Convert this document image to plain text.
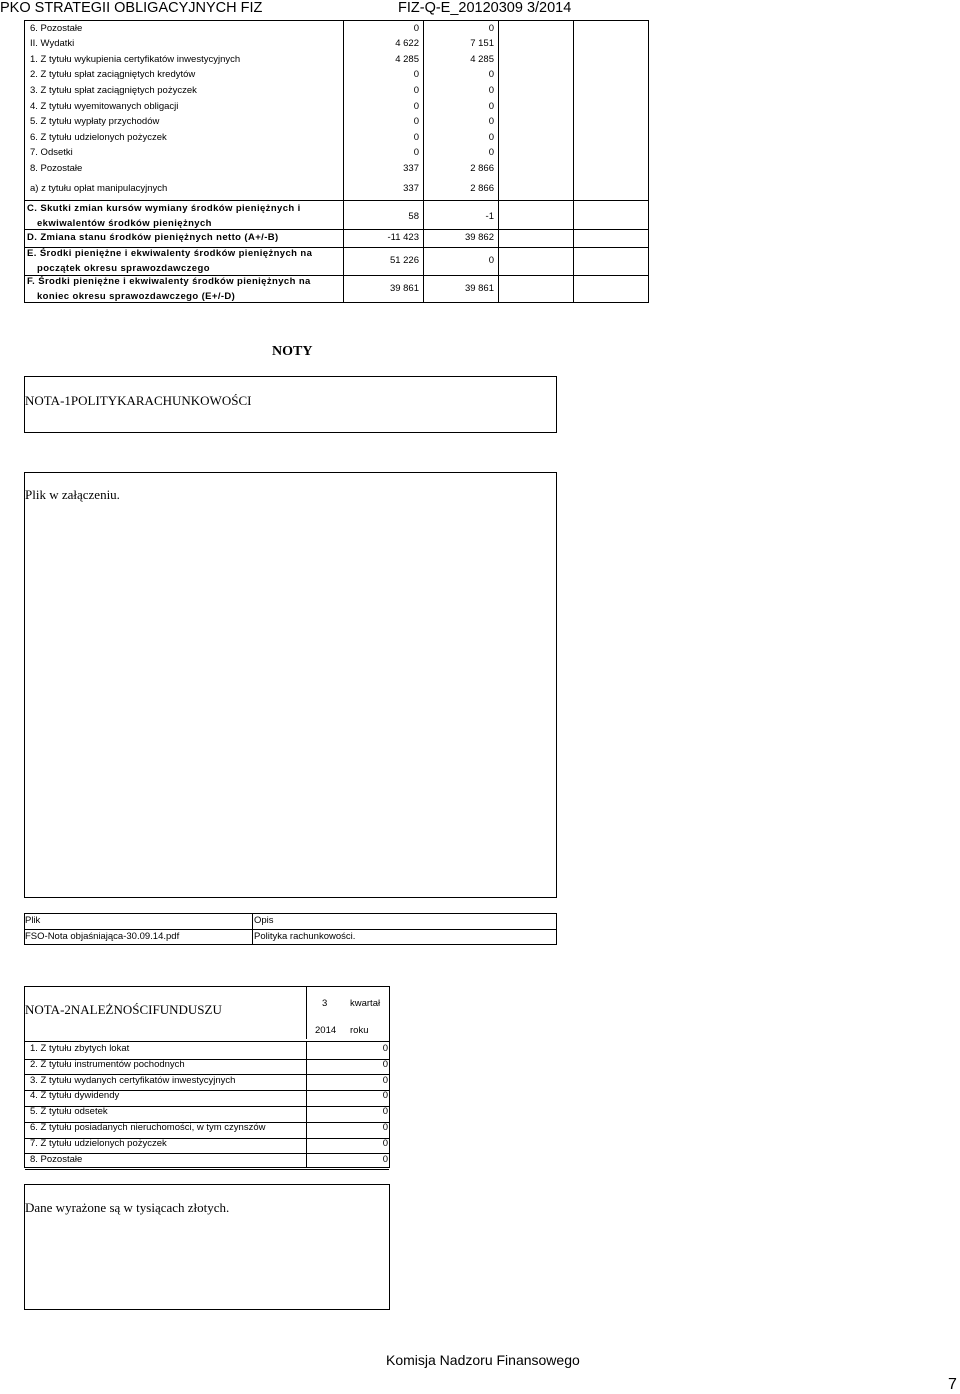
PKO STRATEGII OBLIGACYJNYCH FIZ	FIZ-Q-E_20120309 3/2014
6. Pozostałe	0	0
II. Wydatki	4 622	7 151
1. Z tytułu wykupienia certyfikatów inwestycyjnych	4 285	4 285
2. Z tytułu spłat zaciągniętych kredytów	0	0
3. Z tytułu spłat zaciągniętych pożyczek	0	0
4. Z tytułu wyemitowanych obligacji	0	0
5. Z tytułu wypłaty przychodów	0	0
6. Z tytułu udzielonych pożyczek	0	0
7. Odsetki	0	0
8. Pozostałe	337	2 866
a) z tytułu opłat manipulacyjnych	337	2 866
C. Skutki zmian kursów wymiany środków pieniężnych i
ekwiwalentów środków pieniężnych
58	-1
D. Zmiana stanu środków pieniężnych netto (A+/-B)	-11 423	39 862
E. Środki pieniężne i ekwiwalenty środków pieniężnych na
początek okresu sprawozdawczego
51 226	0
F. Środki pieniężne i ekwiwalenty środków pieniężnych na
koniec okresu sprawozdawczego (E+/-D)
39 861	39 861
NOTY
NOTA-1POLITYKARACHUNKOWOŚCI
Plik w załączeniu.
Plik	Opis
FSO-Nota objaśniająca-30.09.14.pdf	Polityka rachunkowości.
NOTA-2NALEŻNOŚCIFUNDUSZU	3 kwartał
2014 roku
1. Z tytułu zbytych lokat	0
2. Z tytułu instrumentów pochodnych	0
3. Z tytułu wydanych certyfikatów inwestycyjnych	0
4. Z tytułu dywidendy	0
5. Z tytułu odsetek	0
6. Z tytułu posiadanych nieruchomości, w tym czynszów	0
7. Z tytułu udzielonych pożyczek	0
8. Pozostałe	0
Dane wyrażone są w tysiącach złotych.
Komisja Nadzoru Finansowego
7
